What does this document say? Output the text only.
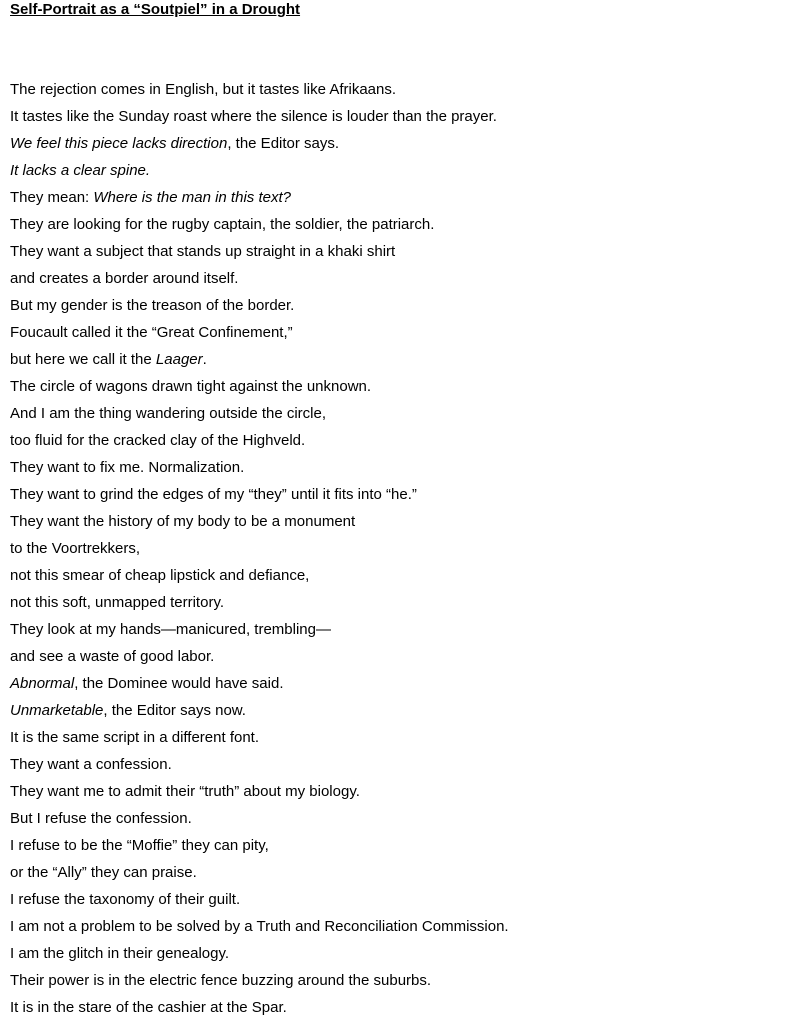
Self-Portrait as a “Soutpiel” in a Drought
The rejection comes in English, but it tastes like Afrikaans.
It tastes like the Sunday roast where the silence is louder than the prayer.
We feel this piece lacks direction, the Editor says.
It lacks a clear spine.
They mean: Where is the man in this text?
They are looking for the rugby captain, the soldier, the patriarch.
They want a subject that stands up straight in a khaki shirt
and creates a border around itself.
But my gender is the treason of the border.
Foucault called it the “Great Confinement,”
but here we call it the Laager.
The circle of wagons drawn tight against the unknown.
And I am the thing wandering outside the circle,
too fluid for the cracked clay of the Highveld.
They want to fix me. Normalization.
They want to grind the edges of my “they” until it fits into “he.”
They want the history of my body to be a monument
to the Voortrekkers,
not this smear of cheap lipstick and defiance,
not this soft, unmapped territory.
They look at my hands—manicured, trembling—
and see a waste of good labor.
Abnormal, the Dominee would have said.
Unmarketable, the Editor says now.
It is the same script in a different font.
They want a confession.
They want me to admit their “truth” about my biology.
But I refuse the confession.
I refuse to be the “Moffie” they can pity,
or the “Ally” they can praise.
I refuse the taxonomy of their guilt.
I am not a problem to be solved by a Truth and Reconciliation Commission.
I am the glitch in their genealogy.
Their power is in the electric fence buzzing around the suburbs.
It is in the stare of the cashier at the Spar.
